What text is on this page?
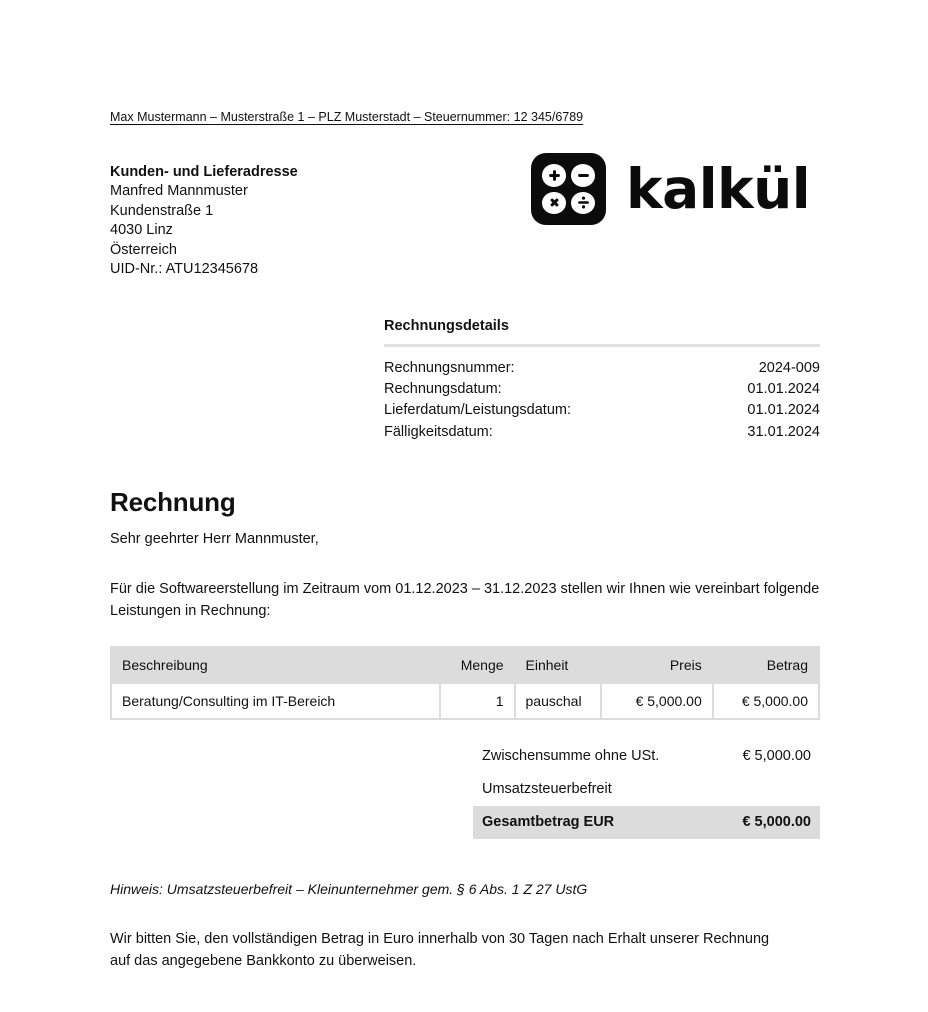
Max Mustermann – Musterstraße 1 – PLZ Musterstadt – Steuernummer: 12 345/6789
Kunden- und Lieferadresse
Manfred Mannmuster
Kundenstraße 1
4030 Linz
Österreich
UID-Nr.: ATU12345678
kalkül
Rechnungsdetails
Rechnungsnummer:	2024-009
Rechnungsdatum:	01.01.2024
Lieferdatum/Leistungsdatum:	01.01.2024
Fälligkeitsdatum:	31.01.2024
Rechnung
Sehr geehrter Herr Mannmuster,
Für die Softwareerstellung im Zeitraum vom 01.12.2023 – 31.12.2023 stellen wir Ihnen wie vereinbart folgende Leistungen in Rechnung:
Beschreibung	Menge	Einheit	Preis	Betrag
Beratung/Consulting im IT-Bereich	1	pauschal	€ 5,000.00	€ 5,000.00
Zwischensumme ohne USt.	€ 5,000.00
Umsatzsteuerbefreit
Gesamtbetrag EUR	€ 5,000.00
Hinweis: Umsatzsteuerbefreit – Kleinunternehmer gem. § 6 Abs. 1 Z 27 UstG
Wir bitten Sie, den vollständigen Betrag in Euro innerhalb von 30 Tagen nach Erhalt unserer Rechnung auf das angegebene Bankkonto zu überweisen.
